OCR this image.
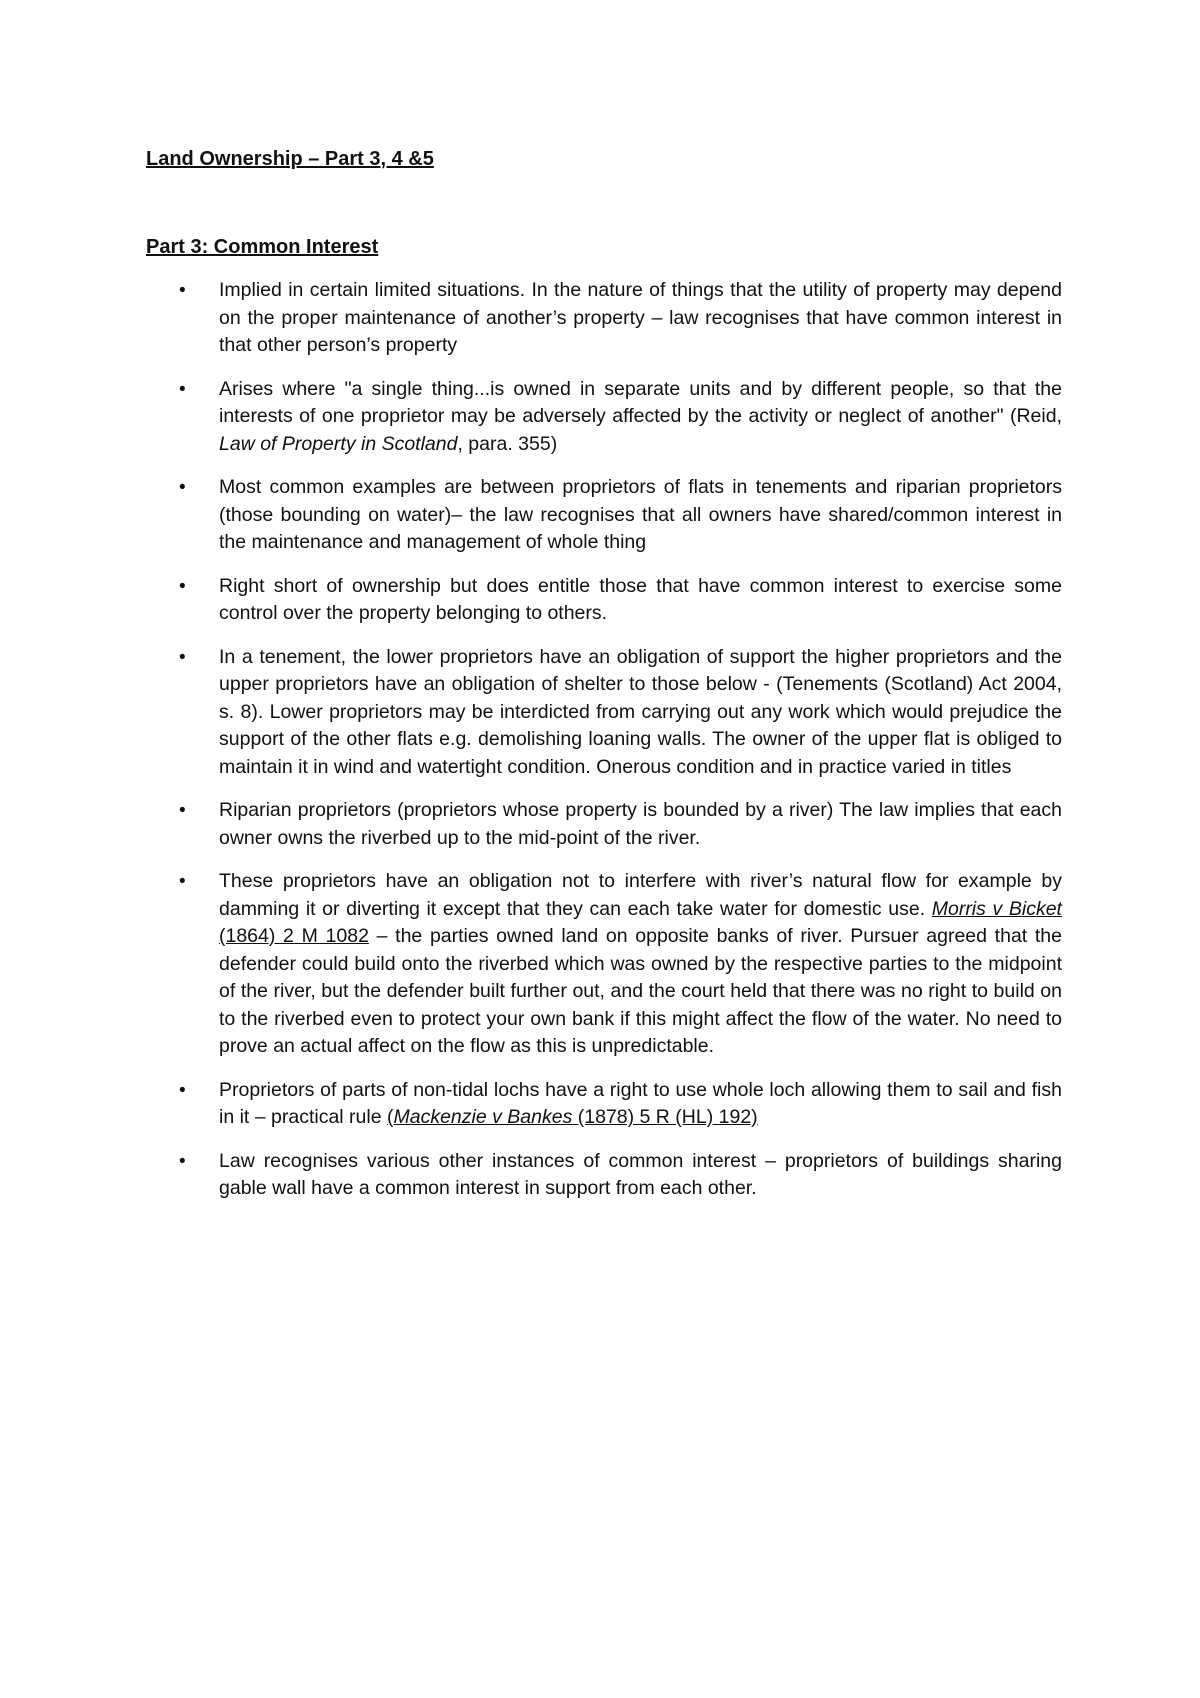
Land Ownership – Part 3, 4 &5
Part 3: Common Interest
• Implied in certain limited situations. In the nature of things that the utility of property may depend on the proper maintenance of another’s property – law recognises that have common interest in that other person’s property
• Arises where "a single thing...is owned in separate units and by different people, so that the interests of one proprietor may be adversely affected by the activity or neglect of another" (Reid, Law of Property in Scotland, para. 355)
• Most common examples are between proprietors of flats in tenements and riparian proprietors (those bounding on water)– the law recognises that all owners have shared/common interest in the maintenance and management of whole thing
• Right short of ownership but does entitle those that have common interest to exercise some control over the property belonging to others.
• In a tenement, the lower proprietors have an obligation of support the higher proprietors and the upper proprietors have an obligation of shelter to those below - (Tenements (Scotland) Act 2004, s. 8). Lower proprietors may be interdicted from carrying out any work which would prejudice the support of the other flats e.g. demolishing loaning walls. The owner of the upper flat is obliged to maintain it in wind and watertight condition. Onerous condition and in practice varied in titles
• Riparian proprietors (proprietors whose property is bounded by a river) The law implies that each owner owns the riverbed up to the mid-point of the river.
• These proprietors have an obligation not to interfere with river’s natural flow for example by damming it or diverting it except that they can each take water for domestic use. Morris v Bicket (1864) 2 M 1082 – the parties owned land on opposite banks of river. Pursuer agreed that the defender could build onto the riverbed which was owned by the respective parties to the midpoint of the river, but the defender built further out, and the court held that there was no right to build on to the riverbed even to protect your own bank if this might affect the flow of the water. No need to prove an actual affect on the flow as this is unpredictable.
• Proprietors of parts of non-tidal lochs have a right to use whole loch allowing them to sail and fish in it – practical rule (Mackenzie v Bankes (1878) 5 R (HL) 192)
• Law recognises various other instances of common interest – proprietors of buildings sharing gable wall have a common interest in support from each other.
